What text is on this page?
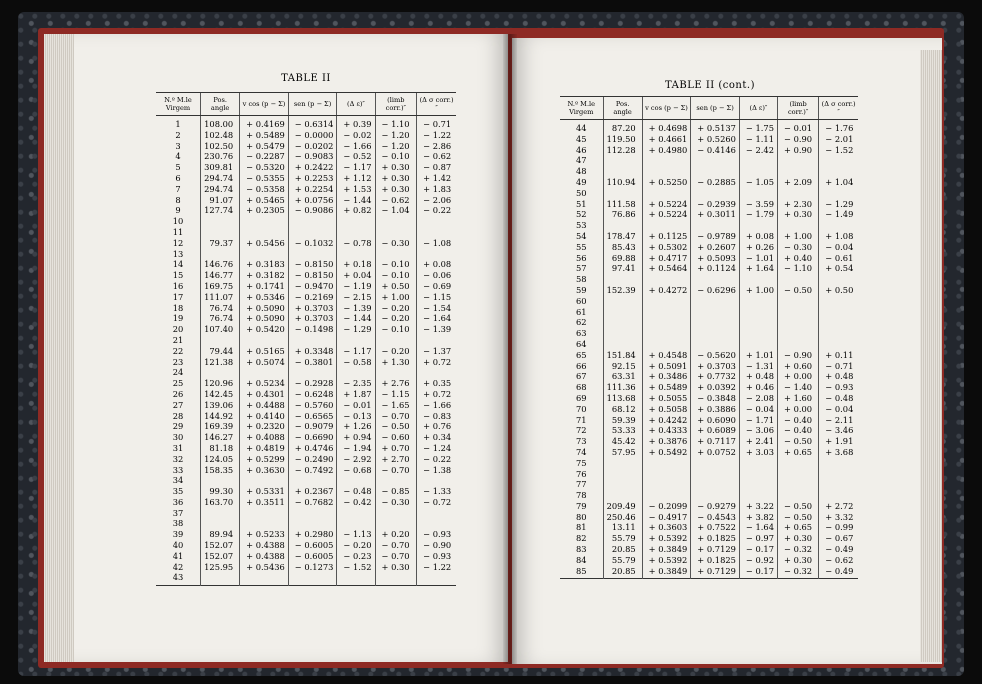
TABLE II
N.º M.le Virgem	Pos. angle	v cos (p − Σ)	sen (p − Σ)	(Δ ε)″	(limb corr.)″	(Δ σ corr.)″
1	108.00	+ 0.4169	− 0.6314	+ 0.39	− 1.10	− 0.71
2	102.48	+ 0.5489	− 0.0000	− 0.02	− 1.20	− 1.22
3	102.50	+ 0.5479	− 0.0202	− 1.66	− 1.20	− 2.86
4	230.76	− 0.2287	− 0.9083	− 0.52	− 0.10	− 0.62
5	309.81	− 0.5320	+ 0.2422	− 1.17	+ 0.30	− 0.87
6	294.74	− 0.5355	+ 0.2253	+ 1.12	+ 0.30	+ 1.42
7	294.74	− 0.5358	+ 0.2254	+ 1.53	+ 0.30	+ 1.83
8	91.07	+ 0.5465	+ 0.0756	− 1.44	− 0.62	− 2.06
9	127.74	+ 0.2305	− 0.9086	+ 0.82	− 1.04	− 0.22
10						
11						
12	79.37	+ 0.5456	− 0.1032	− 0.78	− 0.30	− 1.08
13						
14	146.76	+ 0.3183	− 0.8150	+ 0.18	− 0.10	+ 0.08
15	146.77	+ 0.3182	− 0.8150	+ 0.04	− 0.10	− 0.06
16	169.75	+ 0.1741	− 0.9470	− 1.19	+ 0.50	− 0.69
17	111.07	+ 0.5346	− 0.2169	− 2.15	+ 1.00	− 1.15
18	76.74	+ 0.5090	+ 0.3703	− 1.39	− 0.20	− 1.54
19	76.74	+ 0.5090	+ 0.3703	− 1.44	− 0.20	− 1.64
20	107.40	+ 0.5420	− 0.1498	− 1.29	− 0.10	− 1.39
21						
22	79.44	+ 0.5165	+ 0.3348	− 1.17	− 0.20	− 1.37
23	121.38	+ 0.5074	− 0.3801	− 0.58	+ 1.30	+ 0.72
24						
25	120.96	+ 0.5234	− 0.2928	− 2.35	+ 2.76	+ 0.35
26	142.45	+ 0.4301	− 0.6248	+ 1.87	− 1.15	+ 0.72
27	139.06	+ 0.4488	− 0.5760	− 0.01	− 1.65	− 1.66
28	144.92	+ 0.4140	− 0.6565	− 0.13	− 0.70	− 0.83
29	169.39	+ 0.2320	− 0.9079	+ 1.26	− 0.50	+ 0.76
30	146.27	+ 0.4088	− 0.6690	+ 0.94	− 0.60	+ 0.34
31	81.18	+ 0.4819	+ 0.4746	− 1.94	+ 0.70	− 1.24
32	124.05	+ 0.5299	− 0.2490	− 2.92	+ 2.70	− 0.22
33	158.35	+ 0.3630	− 0.7492	− 0.68	− 0.70	− 1.38
34						
35	99.30	+ 0.5331	+ 0.2367	− 0.48	− 0.85	− 1.33
36	163.70	+ 0.3511	− 0.7682	− 0.42	− 0.30	− 0.72
37						
38						
39	89.94	+ 0.5233	+ 0.2980	− 1.13	+ 0.20	− 0.93
40	152.07	+ 0.4388	− 0.6005	− 0.20	− 0.70	− 0.90
41	152.07	+ 0.4388	− 0.6005	− 0.23	− 0.70	− 0.93
42	125.95	+ 0.5436	− 0.1273	− 1.52	+ 0.30	− 1.22
43						

TABLE II (cont.)
N.º M.le Virgem	Pos. angle	v cos (p − Σ)	sen (p − Σ)	(Δ ε)″	(limb corr.)″	(Δ σ corr.)″
44	87.20	+ 0.4698	+ 0.5137	− 1.75	− 0.01	− 1.76
45	119.50	+ 0.4661	+ 0.5260	− 1.11	− 0.90	− 2.01
46	112.28	+ 0.4980	− 0.4146	− 2.42	+ 0.90	− 1.52
47						
48						
49	110.94	+ 0.5250	− 0.2885	− 1.05	+ 2.09	+ 1.04
50						
51	111.58	+ 0.5224	− 0.2939	− 3.59	+ 2.30	− 1.29
52	76.86	+ 0.5224	+ 0.3011	− 1.79	+ 0.30	− 1.49
53						
54	178.47	+ 0.1125	− 0.9789	+ 0.08	+ 1.00	+ 1.08
55	85.43	+ 0.5302	+ 0.2607	+ 0.26	− 0.30	− 0.04
56	69.88	+ 0.4717	+ 0.5093	− 1.01	+ 0.40	− 0.61
57	97.41	+ 0.5464	+ 0.1124	+ 1.64	− 1.10	+ 0.54
58						
59	152.39	+ 0.4272	− 0.6296	+ 1.00	− 0.50	+ 0.50
60						
61						
62						
63						
64						
65	151.84	+ 0.4548	− 0.5620	+ 1.01	− 0.90	+ 0.11
66	92.15	+ 0.5091	+ 0.3703	− 1.31	+ 0.60	− 0.71
67	63.31	+ 0.3486	+ 0.7732	+ 0.48	+ 0.00	+ 0.48
68	111.36	+ 0.5489	+ 0.0392	+ 0.46	− 1.40	− 0.93
69	113.68	+ 0.5055	− 0.3848	− 2.08	+ 1.60	− 0.48
70	68.12	+ 0.5058	+ 0.3886	− 0.04	+ 0.00	− 0.04
71	59.39	+ 0.4242	+ 0.6090	− 1.71	− 0.40	− 2.11
72	53.33	+ 0.4333	+ 0.6089	− 3.06	− 0.40	− 3.46
73	45.42	+ 0.3876	+ 0.7117	+ 2.41	− 0.50	+ 1.91
74	57.95	+ 0.5492	+ 0.0752	+ 3.03	+ 0.65	+ 3.68
75						
76						
77						
78						
79	209.49	− 0.2099	− 0.9279	+ 3.22	− 0.50	+ 2.72
80	250.46	− 0.4917	− 0.4543	+ 3.82	− 0.50	+ 3.32
81	13.11	+ 0.3603	+ 0.7522	− 1.64	+ 0.65	− 0.99
82	55.79	+ 0.5392	+ 0.1825	− 0.97	+ 0.30	− 0.67
83	20.85	+ 0.3849	+ 0.7129	− 0.17	− 0.32	− 0.49
84	55.79	+ 0.5392	+ 0.1825	− 0.92	+ 0.30	− 0.62
85	20.85	+ 0.3849	+ 0.7129	− 0.17	− 0.32	− 0.49
